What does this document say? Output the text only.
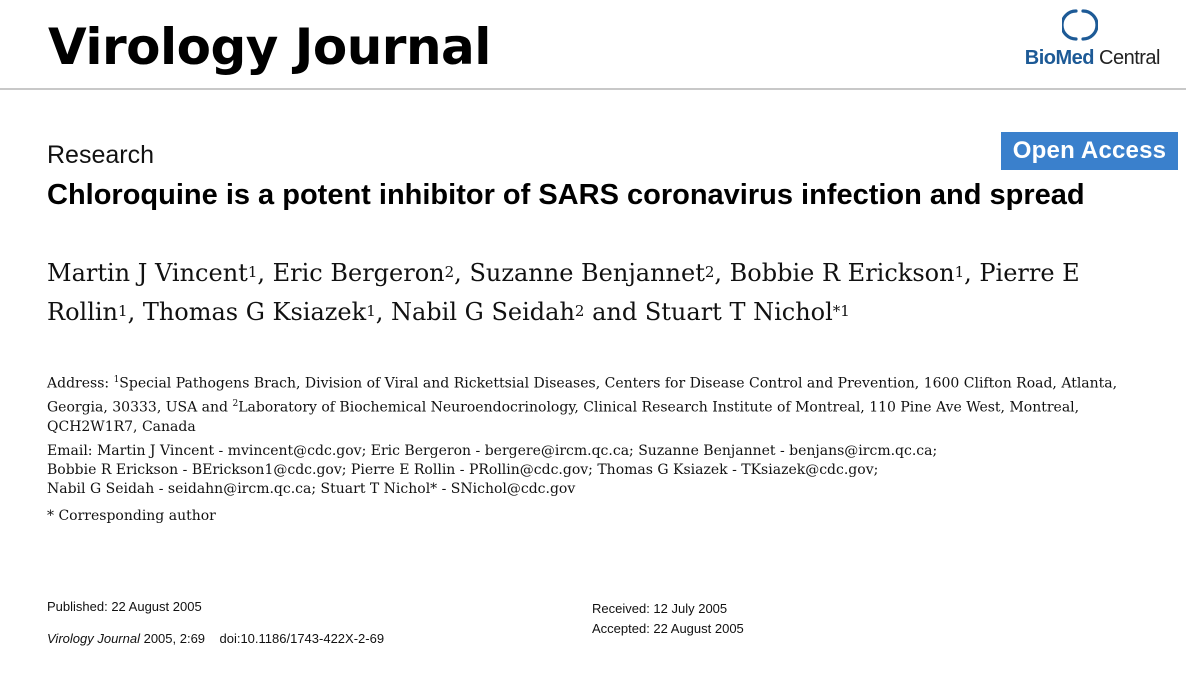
Virology Journal	BioMed Central
Research	Open Access
Chloroquine is a potent inhibitor of SARS coronavirus infection and spread
Martin J Vincent$^1$, Eric Bergeron$^2$, Suzanne Benjannet$^2$, Bobbie R Erickson$^1$, Pierre E Rollin$^1$, Thomas G Ksiazek$^1$, Nabil G Seidah$^2$ and Stuart T Nichol$^{*1}$
Address: $^1$Special Pathogens Brach, Division of Viral and Rickettsial Diseases, Centers for Disease Control and Prevention, 1600 Clifton Road, Atlanta, Georgia, 30333, USA and $^2$Laboratory of Biochemical Neuroendocrinology, Clinical Research Institute of Montreal, 110 Pine Ave West, Montreal, QCH2W1R7, Canada
Email: Martin J Vincent - mvincent@cdc.gov; Eric Bergeron - bergere@ircm.qc.ca; Suzanne Benjannet - benjans@ircm.qc.ca;
Bobbie R Erickson - BErickson1@cdc.gov; Pierre E Rollin - PRollin@cdc.gov; Thomas G Ksiazek - TKsiazek@cdc.gov;
Nabil G Seidah - seidahn@ircm.qc.ca; Stuart T Nichol* - SNichol@cdc.gov
* Corresponding author
Published: 22 August 2005
Virology Journal 2005, 2:69    doi:10.1186/1743-422X-2-69
Received: 12 July 2005
Accepted: 22 August 2005
